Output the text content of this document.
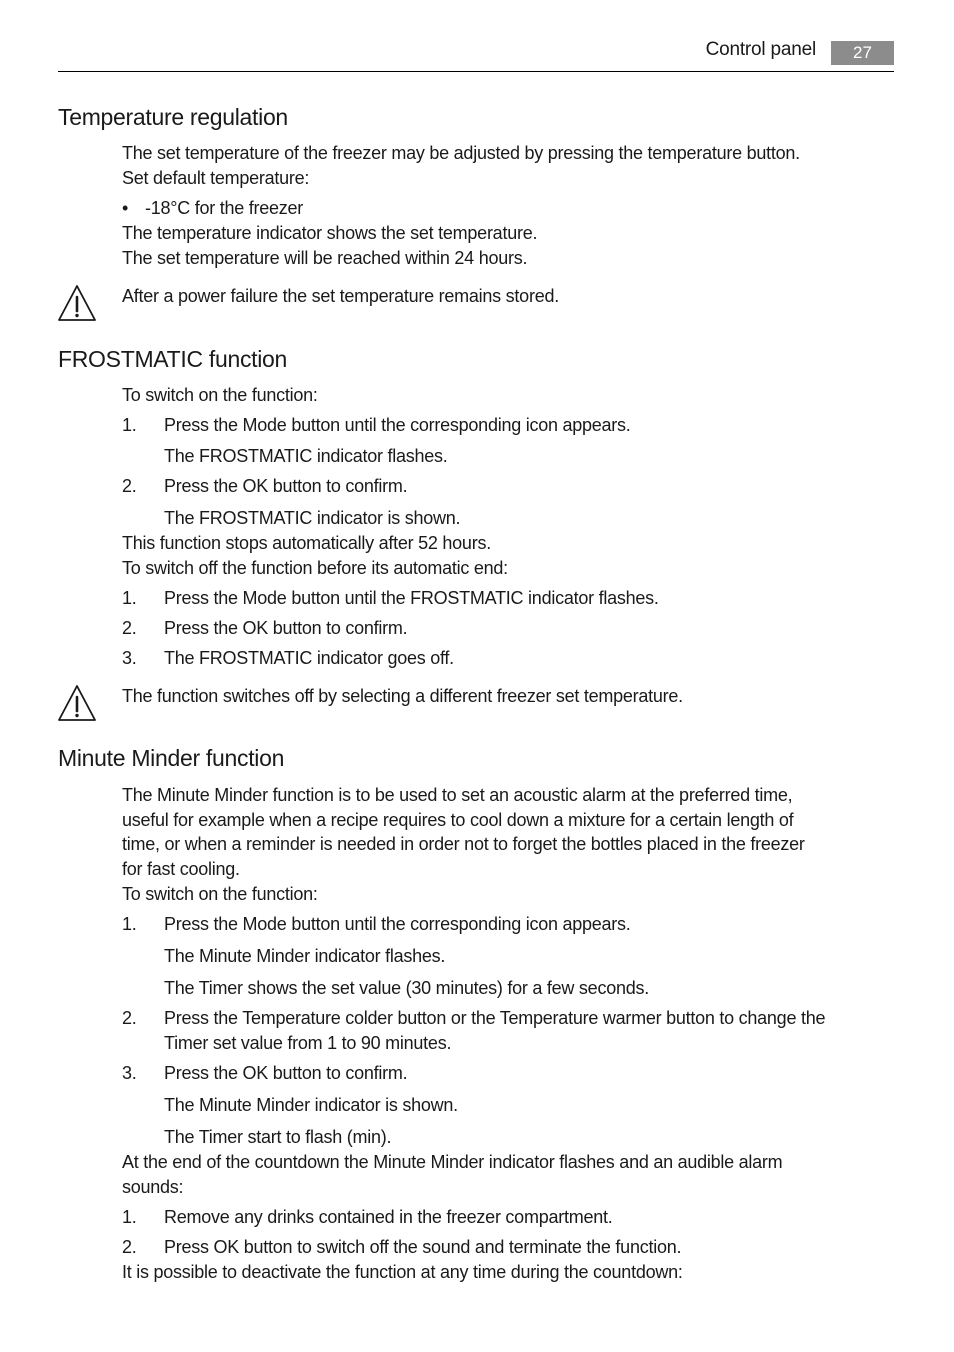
Control panel	27
Temperature regulation
The set temperature of the freezer may be adjusted by pressing the temperature button.
Set default temperature:
• -18°C for the freezer
The temperature indicator shows the set temperature.
The set temperature will be reached within 24 hours.
After a power failure the set temperature remains stored.
FROSTMATIC function
To switch on the function:
1. Press the Mode button until the corresponding icon appears.
The FROSTMATIC indicator flashes.
2. Press the OK button to confirm.
The FROSTMATIC indicator is shown.
This function stops automatically after 52 hours.
To switch off the function before its automatic end:
1. Press the Mode button until the FROSTMATIC indicator flashes.
2. Press the OK button to confirm.
3. The FROSTMATIC indicator goes off.
The function switches off by selecting a different freezer set temperature.
Minute Minder function
The Minute Minder function is to be used to set an acoustic alarm at the preferred time,
useful for example when a recipe requires to cool down a mixture for a certain length of
time, or when a reminder is needed in order not to forget the bottles placed in the freezer
for fast cooling.
To switch on the function:
1. Press the Mode button until the corresponding icon appears.
The Minute Minder indicator flashes.
The Timer shows the set value (30 minutes) for a few seconds.
2. Press the Temperature colder button or the Temperature warmer button to change the
Timer set value from 1 to 90 minutes.
3. Press the OK button to confirm.
The Minute Minder indicator is shown.
The Timer start to flash (min).
At the end of the countdown the Minute Minder indicator flashes and an audible alarm
sounds:
1. Remove any drinks contained in the freezer compartment.
2. Press OK button to switch off the sound and terminate the function.
It is possible to deactivate the function at any time during the countdown:
